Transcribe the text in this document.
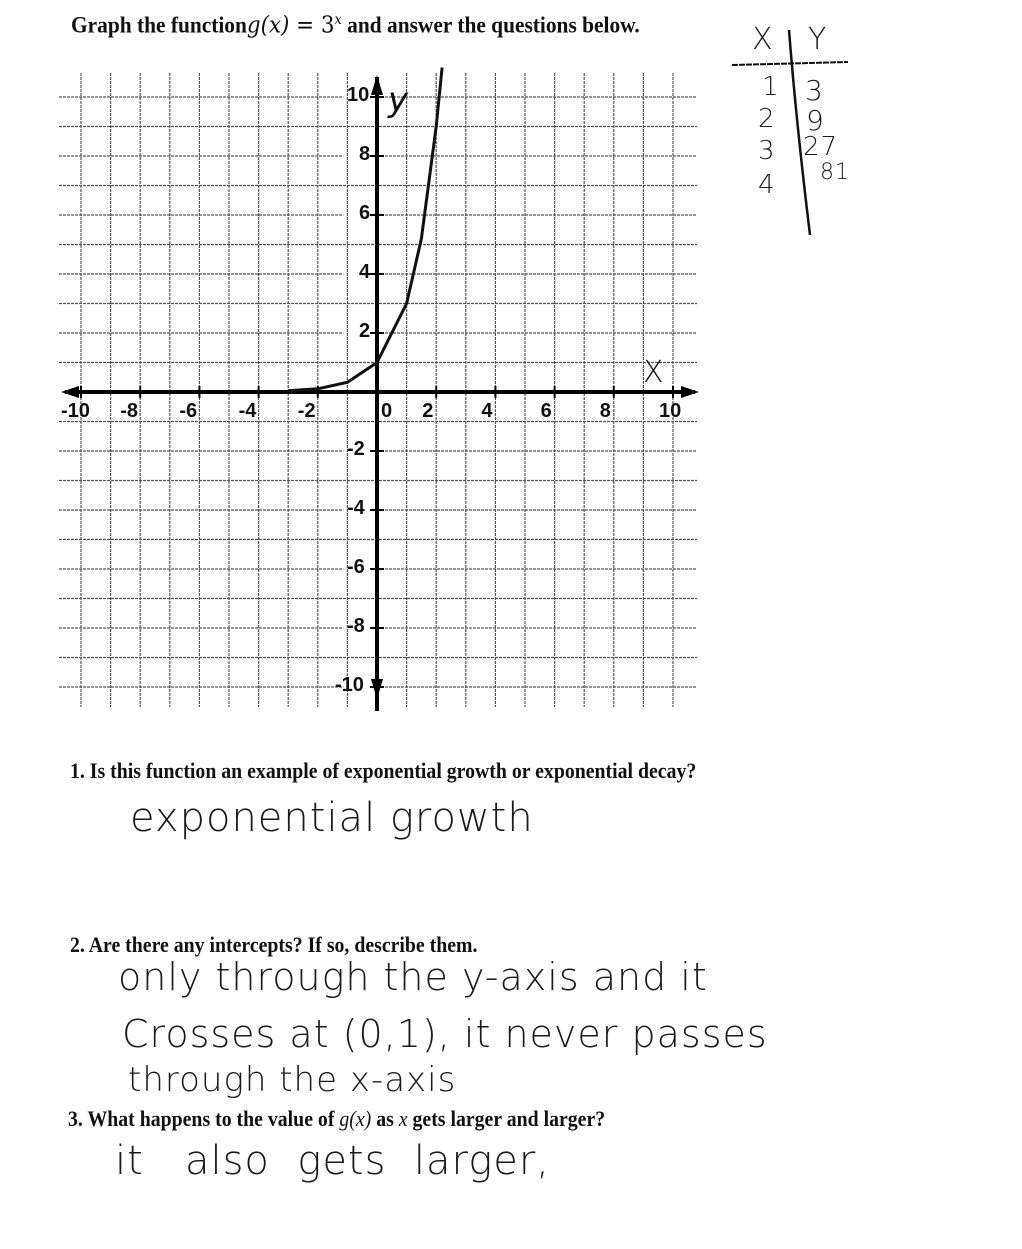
Graph the functiong(x) = $3^x$ and answer the questions below.	X Y
1 3
2 9
3 27
4 81
-10 -8 -6 -4 -2	0 2 4 6 8 10
10
8
6
4
2
-2
-4
-6
-8
-10
X
y
1. Is this function an example of exponential growth or exponential decay?
exponential growth
2. Are there any intercepts? If so, describe them.
only through the y-axis and it
Crosses at (0,1), it never passes
through the x-axis
3. What happens to the value of g(x) as x gets larger and larger?
it   also  gets  larger,
